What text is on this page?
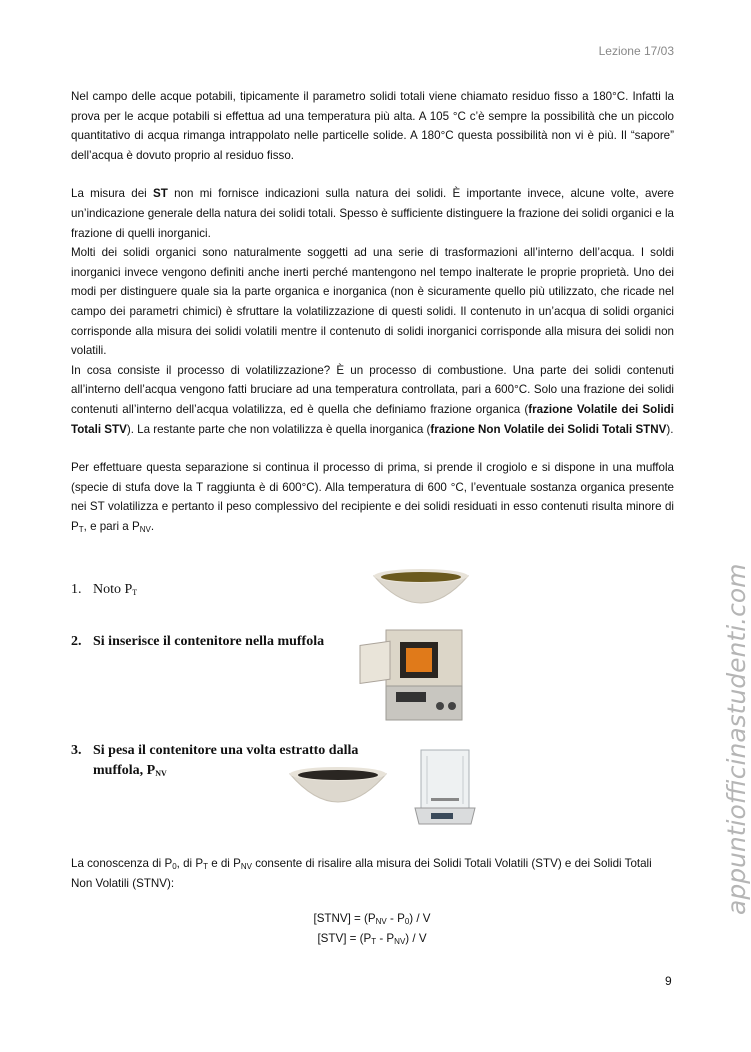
Lezione 17/03

Nel campo delle acque potabili, tipicamente il parametro solidi totali viene chiamato residuo fisso a 180°C. Infatti la prova per le acque potabili si effettua ad una temperatura più alta. A 105 °C c’è sempre la possibilità che un piccolo quantitativo di acqua rimanga intrappolato nelle particelle solide. A 180°C questa possibilità non vi è più. Il “sapore” dell’acqua è dovuto proprio al residuo fisso.

La misura dei ST non mi fornisce indicazioni sulla natura dei solidi. È importante invece, alcune volte, avere un’indicazione generale della natura dei solidi totali. Spesso è sufficiente distinguere la frazione dei solidi organici e la frazione di quelli inorganici.

Molti dei solidi organici sono naturalmente soggetti ad una serie di trasformazioni all’interno dell’acqua. I soldi inorganici invece vengono definiti anche inerti perché mantengono nel tempo inalterate le proprie proprietà. Uno dei modi per distinguere quale sia la parte organica e inorganica (non è sicuramente quello più utilizzato, che ricade nel campo dei parametri chimici) è sfruttare la volatilizzazione di questi solidi. Il contenuto in un’acqua di solidi organici corrisponde alla misura dei solidi volatili mentre il contenuto di solidi inorganici corrisponde alla misura dei solidi non volatili.

In cosa consiste il processo di volatilizzazione? È un processo di combustione. Una parte dei solidi contenuti all’interno dell’acqua vengono fatti bruciare ad una temperatura controllata, pari a 600°C. Solo una frazione dei solidi contenuti all’interno dell’acqua volatilizza, ed è quella che definiamo frazione organica (frazione Volatile dei Solidi Totali STV). La restante parte che non volatilizza è quella inorganica (frazione Non Volatile dei Solidi Totali STNV).

Per effettuare questa separazione si continua il processo di prima, si prende il crogiolo e si dispone in una muffola (specie di stufa dove la T raggiunta è di 600°C). Alla temperatura di 600 °C, l’eventuale sostanza organica presente nei ST volatilizza e pertanto il peso complessivo del recipiente e dei solidi residuati in esso contenuti risulta minore di $P_T$, e pari a $P_{NV}$.

1. Noto $P_T$
2. Si inserisce il contenitore nella muffola
3. Si pesa il contenitore una volta estratto dalla
muffola, $P_{NV}$
La conoscenza di $P_0$, di $P_T$ e di $P_{NV}$ consente di risalire alla misura dei Solidi Totali Volatili (STV) e dei Solidi Totali Non Volatili (STNV):
[STNV] = $(P_{NV} - P_0)$ / V
$[STV] = (P_T - P_{NV}) / V$
9
appuntiofficinastudenti.com
